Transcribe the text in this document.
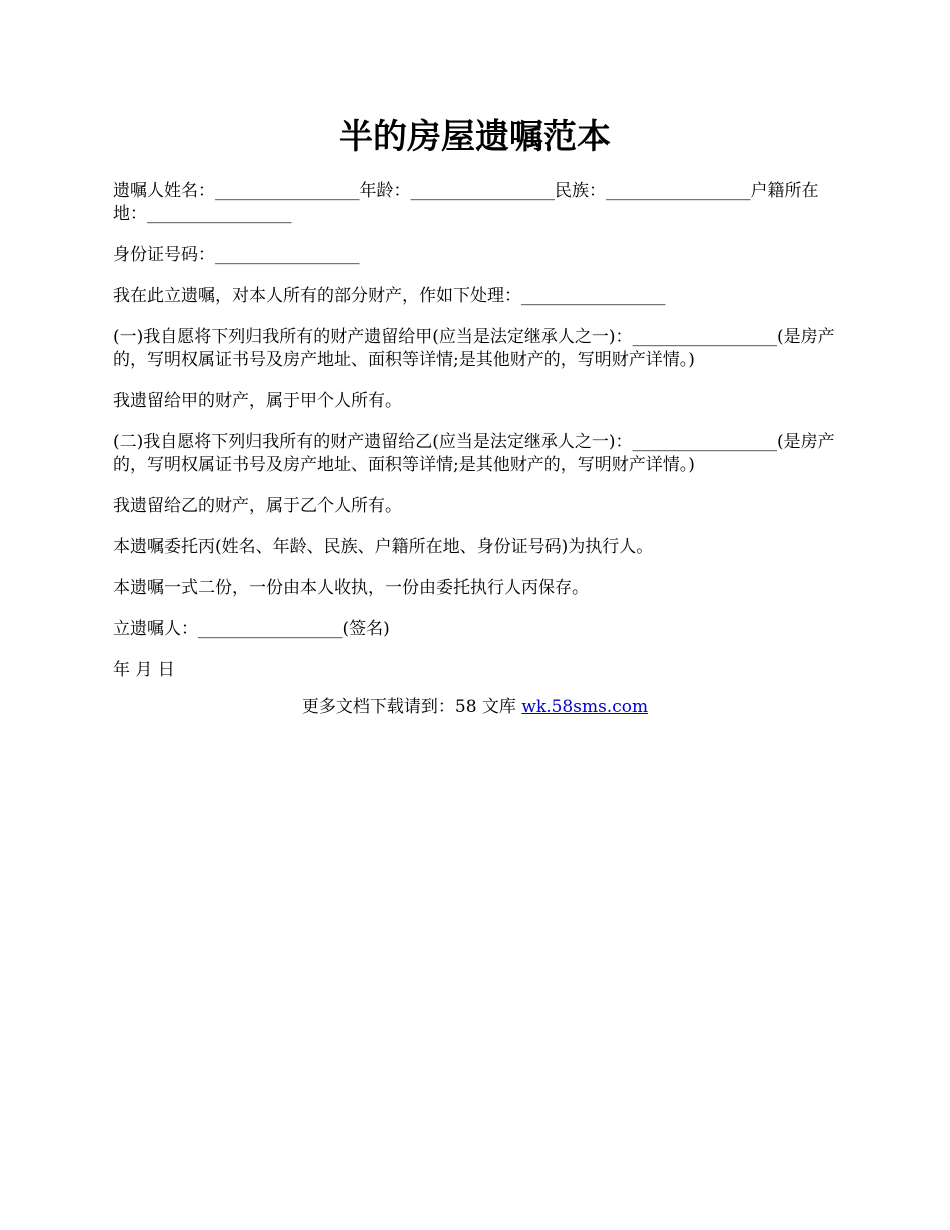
半的房屋遗嘱范本

遗嘱人姓名：_________________年龄：_________________民族：_________________户籍所在地：_________________

身份证号码：_________________

我在此立遗嘱，对本人所有的部分财产，作如下处理：_________________

(一)我自愿将下列归我所有的财产遗留给甲(应当是法定继承人之一)：_________________(是房产的，写明权属证书号及房产地址、面积等详情;是其他财产的，写明财产详情。)

我遗留给甲的财产，属于甲个人所有。

(二)我自愿将下列归我所有的财产遗留给乙(应当是法定继承人之一)：_________________(是房产的，写明权属证书号及房产地址、面积等详情;是其他财产的，写明财产详情。)

我遗留给乙的财产，属于乙个人所有。

本遗嘱委托丙(姓名、年龄、民族、户籍所在地、身份证号码)为执行人。

本遗嘱一式二份，一份由本人收执，一份由委托执行人丙保存。

立遗嘱人：_________________(签名)

年 月 日

更多文档下载请到：58 文库 wk.58sms.com
